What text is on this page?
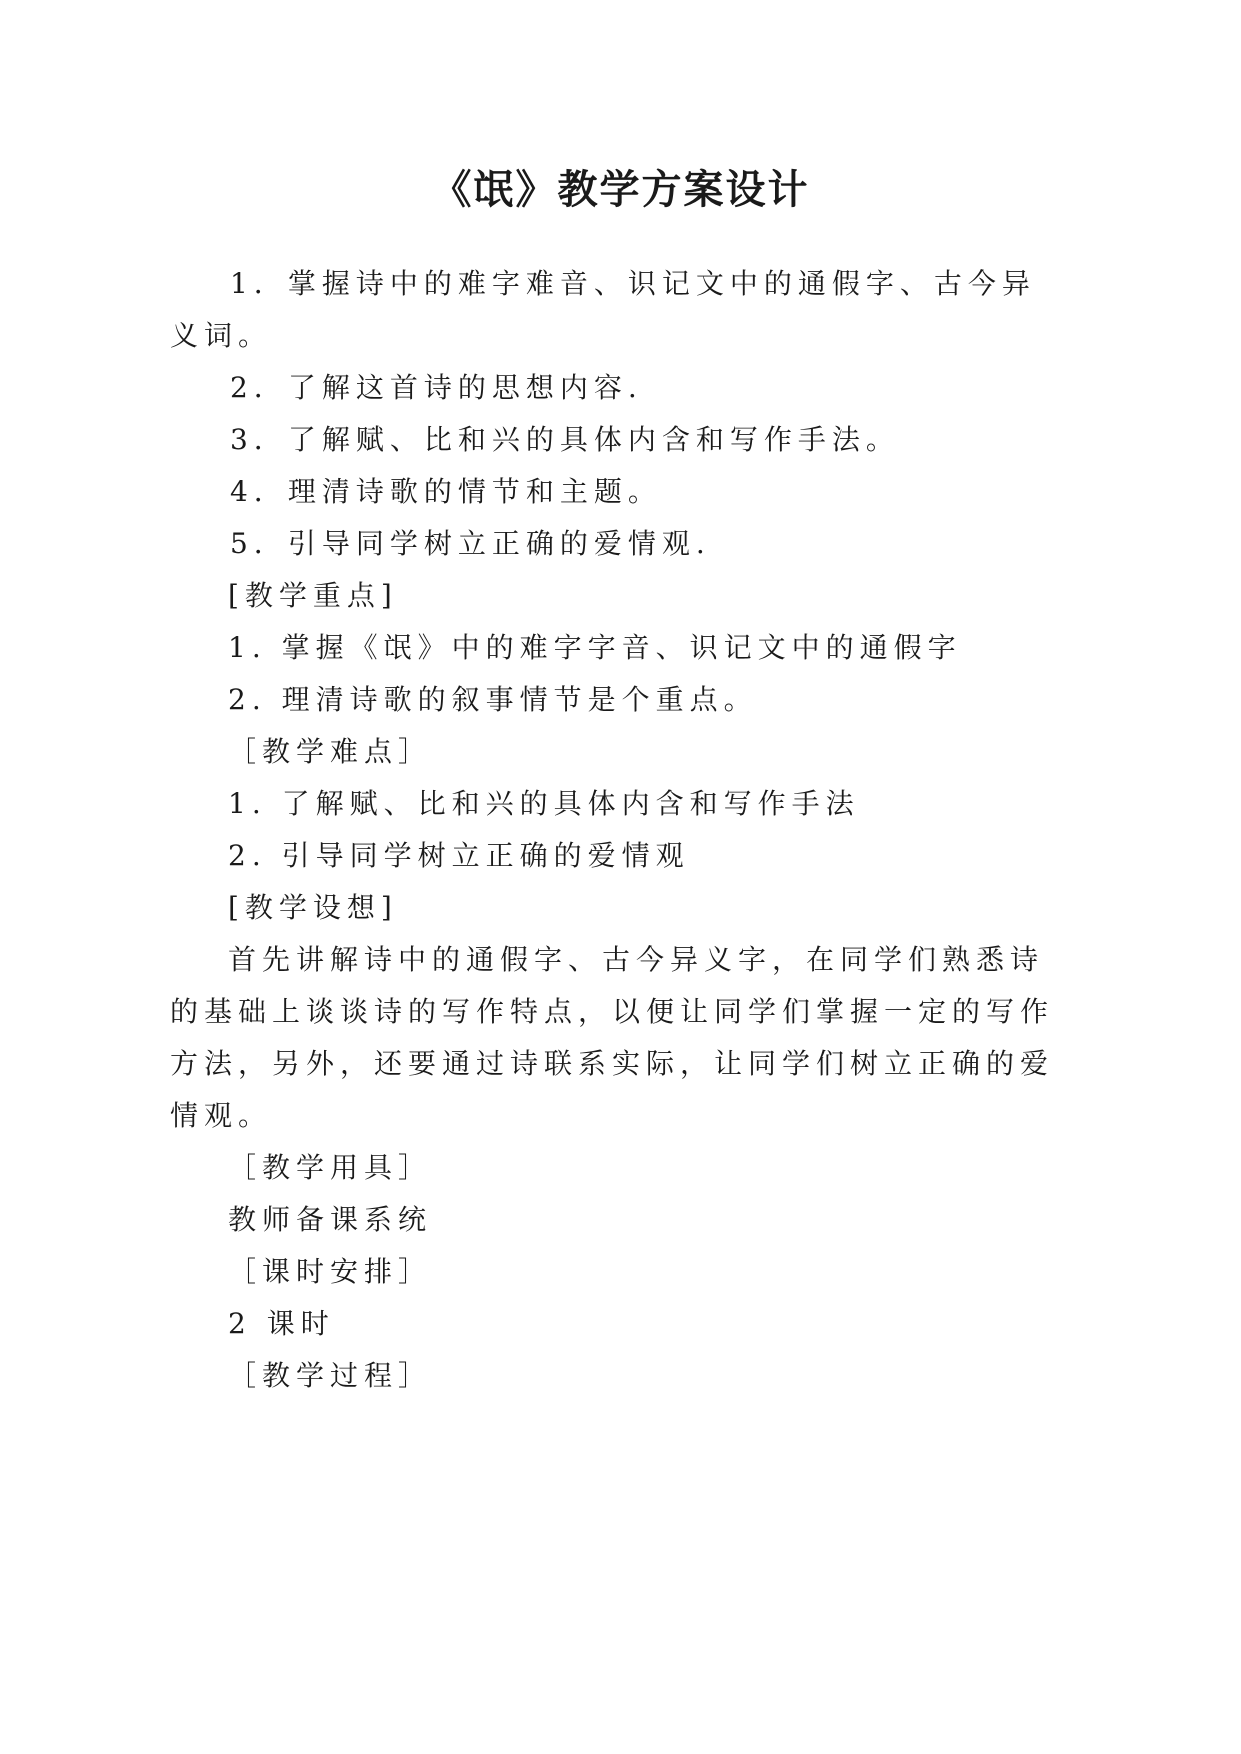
《氓》教学方案设计
1．掌握诗中的难字难音、识记文中的通假字、古今异
义词。
2．了解这首诗的思想内容.
3．了解赋、比和兴的具体内含和写作手法。
4．理清诗歌的情节和主题。
5．引导同学树立正确的爱情观.
[教学重点]
1. 掌握《氓》中的难字字音、识记文中的通假字
2. 理清诗歌的叙事情节是个重点。
［教学难点］
1. 了解赋、比和兴的具体内含和写作手法
2. 引导同学树立正确的爱情观
[教学设想]
首先讲解诗中的通假字、古今异义字，在同学们熟悉诗
的基础上谈谈诗的写作特点，以便让同学们掌握一定的写作
方法，另外，还要通过诗联系实际，让同学们树立正确的爱
情观。
［教学用具］
教师备课系统
［课时安排］
2 课时
［教学过程］
